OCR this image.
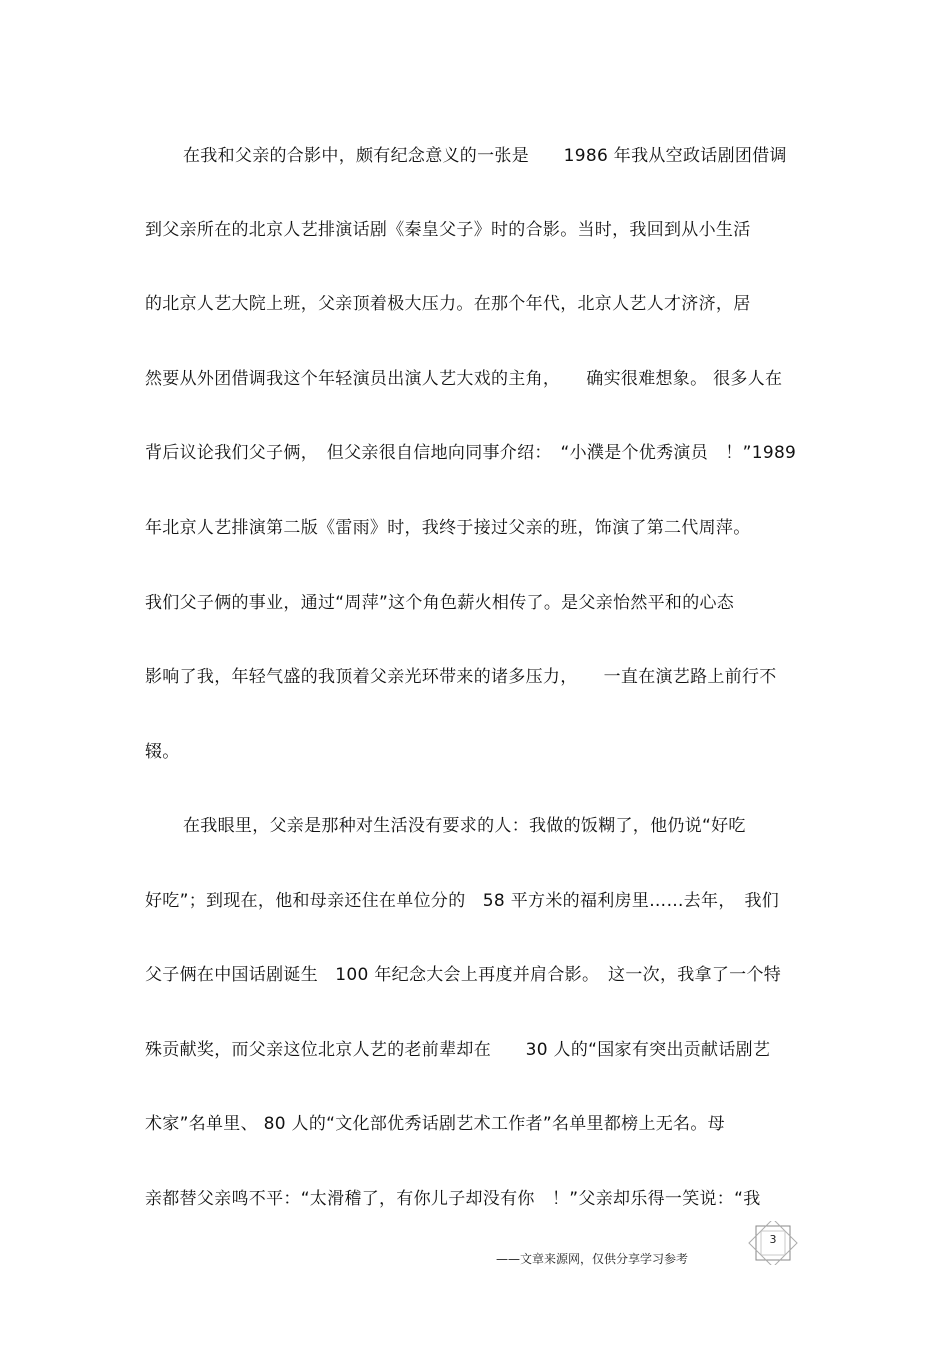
在我和父亲的合影中，颇有纪念意义的一张是　　1986 年我从空政话剧团借调
到父亲所在的北京人艺排演话剧《秦皇父子》时的合影。当时，我回到从小生活
的北京人艺大院上班，父亲顶着极大压力。在那个年代，北京人艺人才济济，居
然要从外团借调我这个年轻演员出演人艺大戏的主角，　　确实很难想象。 很多人在
背后议论我们父子俩，　但父亲很自信地向同事介绍：　“小濮是个优秀演员　！”1989
年北京人艺排演第二版《雷雨》时，我终于接过父亲的班，饰演了第二代周萍。
我们父子俩的事业，通过“周萍”这个角色薪火相传了。是父亲怡然平和的心态
影响了我，年轻气盛的我顶着父亲光环带来的诸多压力，　　一直在演艺路上前行不
辍。
在我眼里，父亲是那种对生活没有要求的人：我做的饭糊了，他仍说“好吃
好吃”；到现在，他和母亲还住在单位分的　58 平方米的福利房里……去年，　我们
父子俩在中国话剧诞生　100 年纪念大会上再度并肩合影。　这一次，我拿了一个特
殊贡献奖，而父亲这位北京人艺的老前辈却在　　30 人的“国家有突出贡献话剧艺
术家”名单里、 80 人的“文化部优秀话剧艺术工作者”名单里都榜上无名。母
亲都替父亲鸣不平：“太滑稽了，有你儿子却没有你　！”父亲却乐得一笑说：“我
3
——文章来源网，仅供分享学习参考
